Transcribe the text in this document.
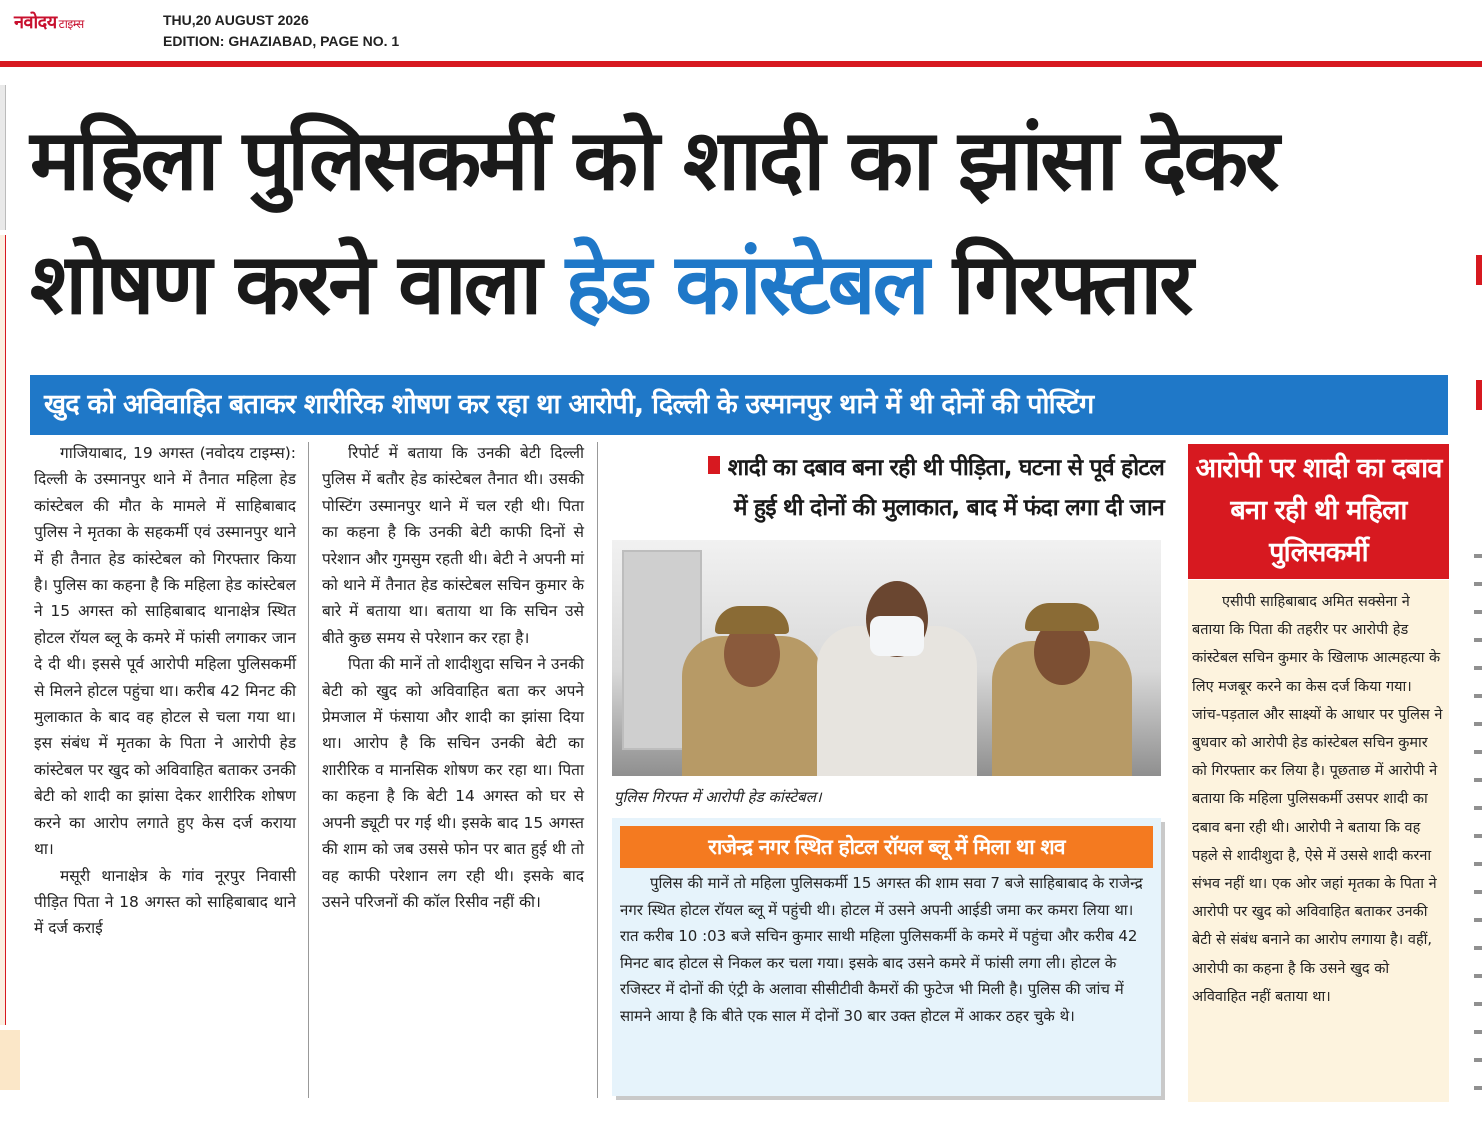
नवोदय टाइम्स	THU,20 AUGUST 2026
EDITION: GHAZIABAD, PAGE NO. 1
महिला पुलिसकर्मी को शादी का झांसा देकर
शोषण करने वाला हेड कांस्टेबल गिरफ्तार
खुद को अविवाहित बताकर शारीरिक शोषण कर रहा था आरोपी, दिल्ली के उस्मानपुर थाने में थी दोनों की पोस्टिंग

गाजियाबाद, 19 अगस्त (नवोदय टाइम्स): दिल्ली के उस्मानपुर थाने में तैनात महिला हेड कांस्टेबल की मौत के मामले में साहिबाबाद पुलिस ने मृतका के सहकर्मी एवं उस्मानपुर थाने में ही तैनात हेड कांस्टेबल को गिरफ्तार किया है। पुलिस का कहना है कि महिला हेड कांस्टेबल ने 15 अगस्त को साहिबाबाद थानाक्षेत्र स्थित होटल रॉयल ब्लू के कमरे में फांसी लगाकर जान दे दी थी। इससे पूर्व आरोपी महिला पुलिसकर्मी से मिलने होटल पहुंचा था। करीब 42 मिनट की मुलाकात के बाद वह होटल से चला गया था। इस संबंध में मृतका के पिता ने आरोपी हेड कांस्टेबल पर खुद को अविवाहित बताकर उनकी बेटी को शादी का झांसा देकर शारीरिक शोषण करने का आरोप लगाते हुए केस दर्ज कराया था।

मसूरी थानाक्षेत्र के गांव नूरपुर निवासी पीड़ित पिता ने 18 अगस्त को साहिबाबाद थाने में दर्ज कराई

रिपोर्ट में बताया कि उनकी बेटी दिल्ली पुलिस में बतौर हेड कांस्टेबल तैनात थी। उसकी पोस्टिंग उस्मानपुर थाने में चल रही थी। पिता का कहना है कि उनकी बेटी काफी दिनों से परेशान और गुमसुम रहती थी। बेटी ने अपनी मां को थाने में तैनात हेड कांस्टेबल सचिन कुमार के बारे में बताया था। बताया था कि सचिन उसे बीते कुछ समय से परेशान कर रहा है।

पिता की मानें तो शादीशुदा सचिन ने उनकी बेटी को खुद को अविवाहित बता कर अपने प्रेमजाल में फंसाया और शादी का झांसा दिया था। आरोप है कि सचिन उनकी बेटी का शारीरिक व मानसिक शोषण कर रहा था। पिता का कहना है कि बेटी 14 अगस्त को घर से अपनी ड्यूटी पर गई थी। इसके बाद 15 अगस्त की शाम को जब उससे फोन पर बात हुई थी तो वह काफी परेशान लग रही थी। इसके बाद उसने परिजनों की कॉल रिसीव नहीं की।

शादी का दबाव बना रही थी पीड़िता, घटना से पूर्व होटल
में हुई थी दोनों की मुलाकात, बाद में फंदा लगा दी जान
पुलिस गिरफ्त में आरोपी हेड कांस्टेबल।
राजेन्द्र नगर स्थित होटल रॉयल ब्लू में मिला था शव
पुलिस की मानें तो महिला पुलिसकर्मी 15 अगस्त की शाम सवा 7 बजे साहिबाबाद के राजेन्द्र नगर स्थित होटल रॉयल ब्लू में पहुंची थी। होटल में उसने अपनी आईडी जमा कर कमरा लिया था। रात करीब 10 :03 बजे सचिन कुमार साथी महिला पुलिसकर्मी के कमरे में पहुंचा और करीब 42 मिनट बाद होटल से निकल कर चला गया। इसके बाद उसने कमरे में फांसी लगा ली। होटल के रजिस्टर में दोनों की एंट्री के अलावा सीसीटीवी कैमरों की फुटेज भी मिली है। पुलिस की जांच में सामने आया है कि बीते एक साल में दोनों 30 बार उक्त होटल में आकर ठहर चुके थे।
आरोपी पर शादी का दबाव बना रही थी महिला पुलिसकर्मी
एसीपी साहिबाबाद अमित सक्सेना ने बताया कि पिता की तहरीर पर आरोपी हेड कांस्टेबल सचिन कुमार के खिलाफ आत्महत्या के लिए मजबूर करने का केस दर्ज किया गया। जांच-पड़ताल और साक्ष्यों के आधार पर पुलिस ने बुधवार को आरोपी हेड कांस्टेबल सचिन कुमार को गिरफ्तार कर लिया है। पूछताछ में आरोपी ने बताया कि महिला पुलिसकर्मी उसपर शादी का दबाव बना रही थी। आरोपी ने बताया कि वह पहले से शादीशुदा है, ऐसे में उससे शादी करना संभव नहीं था। एक ओर जहां मृतका के पिता ने आरोपी पर खुद को अविवाहित बताकर उनकी बेटी से संबंध बनाने का आरोप लगाया है। वहीं, आरोपी का कहना है कि उसने खुद को अविवाहित नहीं बताया था।
